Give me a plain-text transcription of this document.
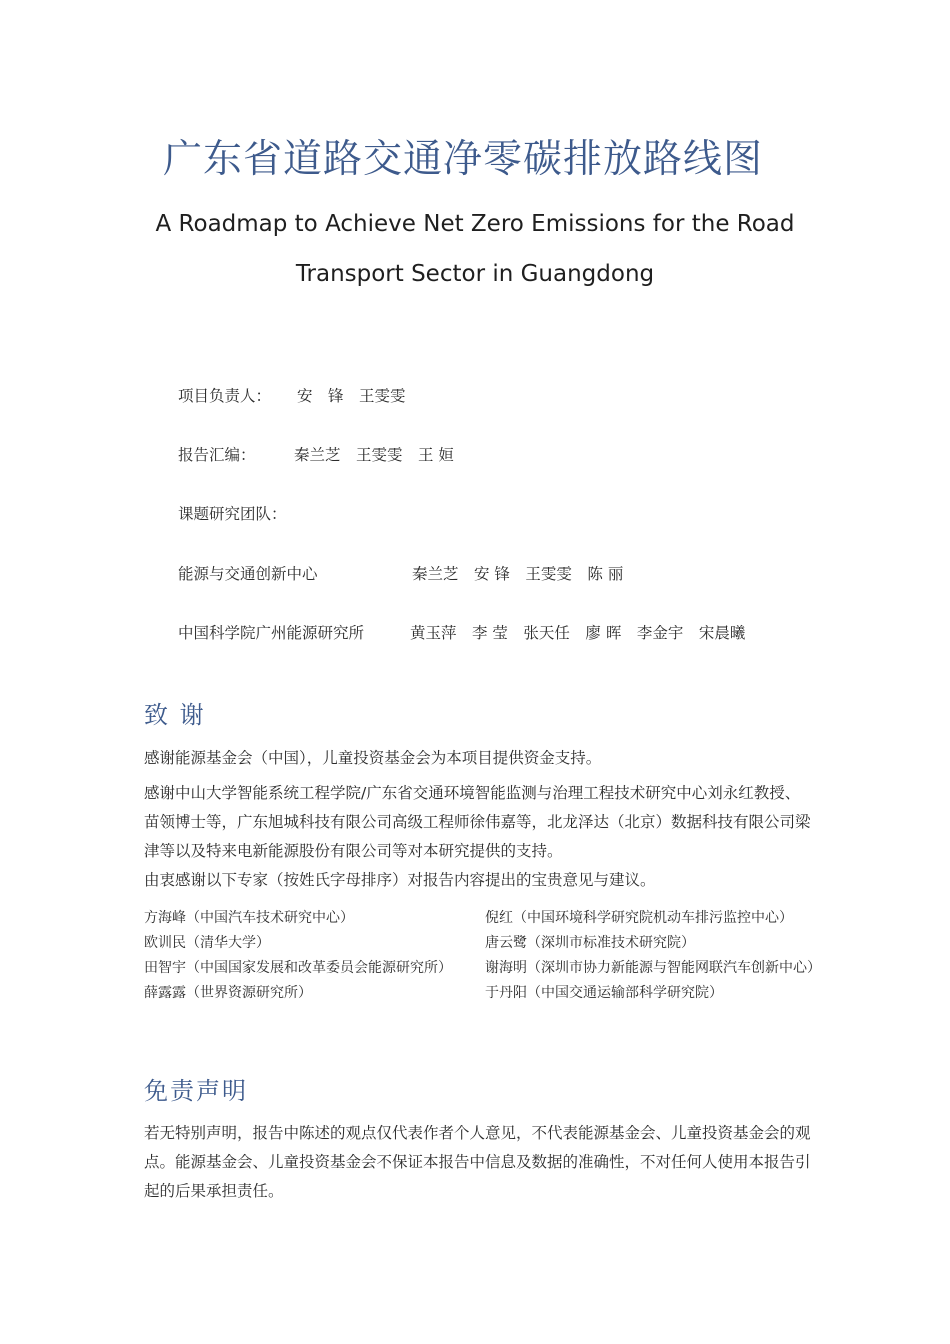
广东省道路交通净零碳排放路线图
A Roadmap to Achieve Net Zero Emissions for the Road
Transport Sector in Guangdong
项目负责人： 安　锋　王雯雯
报告汇编： 秦兰芝　王雯雯　王 姮
课题研究团队：
能源与交通创新中心	秦兰芝　安 锋　王雯雯　陈 丽
中国科学院广州能源研究所	黄玉萍　李 莹　张天任　廖 晖　李金宇　宋晨曦
致 谢

感谢能源基金会（中国），儿童投资基金会为本项目提供资金支持。

感谢中山大学智能系统工程学院/广东省交通环境智能监测与治理工程技术研究中心刘永红教授、苗领博士等，广东旭城科技有限公司高级工程师徐伟嘉等，北龙泽达（北京）数据科技有限公司梁津等以及特来电新能源股份有限公司等对本研究提供的支持。

由衷感谢以下专家（按姓氏字母排序）对报告内容提出的宝贵意见与建议。

方海峰（中国汽车技术研究中心）
欧训民（清华大学）
田智宇（中国国家发展和改革委员会能源研究所）
薛露露（世界资源研究所）
倪红（中国环境科学研究院机动车排污监控中心）
唐云鹭（深圳市标准技术研究院）
谢海明（深圳市协力新能源与智能网联汽车创新中心）
于丹阳（中国交通运输部科学研究院）
免责声明

若无特别声明，报告中陈述的观点仅代表作者个人意见，不代表能源基金会、儿童投资基金会的观点。能源基金会、儿童投资基金会不保证本报告中信息及数据的准确性，不对任何人使用本报告引起的后果承担责任。
